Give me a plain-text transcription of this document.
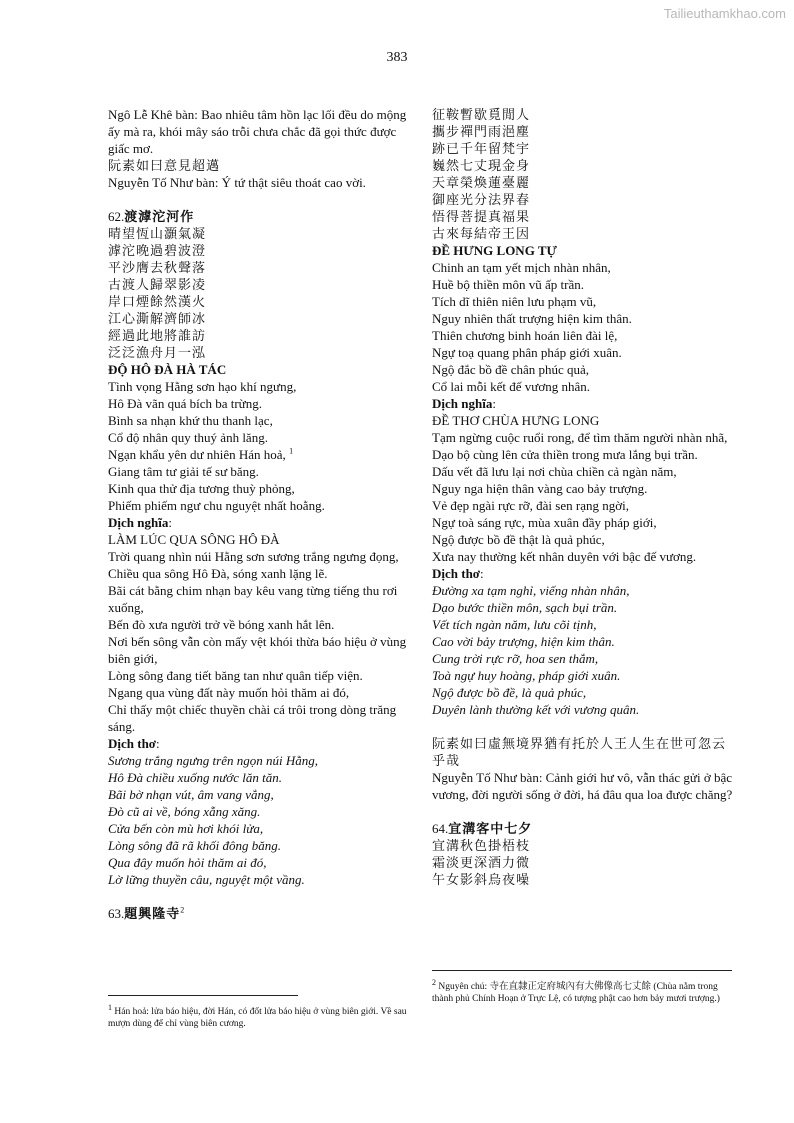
Tailieuthamkhao.com
383

Ngô Lễ Khê bàn: Bao nhiêu tâm hồn lạc lối đều do mộng ấy mà ra, khói mây sáo trỗi chưa chắc đã gọi thức được giấc mơ.

阮素如曰意見超邁

Nguyễn Tố Như bàn: Ý tứ thật siêu thoát cao vời.

62.渡滹沱河作

晴望恆山灝氣凝

滹沱晚過碧波澄

平沙膺去秋聲落

古渡人歸翠影凌

岸口煙餘然漢火

江心澌解濟師冰

經過此地將誰訪

泛泛漁舟月一泓

ĐỘ HÔ ĐÀ HÀ TÁC

Tình vọng Hằng sơn hạo khí ngưng,

Hô Đà vãn quá bích ba trừng.

Bình sa nhạn khứ thu thanh lạc,

Cổ độ nhân quy thuý ảnh lăng.

Ngạn khẩu yên dư nhiên Hán hoả, $^1$

Giang tâm tư giải tế sư băng.

Kinh qua thử địa tương thuỳ phỏng,

Phiếm phiếm ngư chu nguyệt nhất hoằng.

Dịch nghĩa:

LÀM LÚC QUA SÔNG HÔ ĐÀ

Trời quang nhìn núi Hằng sơn sương trắng ngưng đọng,

Chiều qua sông Hô Đà, sóng xanh lặng lẽ.

Bãi cát bằng chim nhạn bay kêu vang từng tiếng thu rơi xuống,

Bến đò xưa người trở về bóng xanh hắt lên.

Nơi bến sông vẫn còn mấy vệt khói thừa báo hiệu ở vùng biên giới,

Lòng sông đang tiết băng tan như quân tiếp viện.

Ngang qua vùng đất này muốn hỏi thăm ai đó,

Chỉ thấy một chiếc thuyền chài cá trôi trong dòng trăng sáng.

Dịch thơ:

Sương trắng ngưng trên ngọn núi Hằng,

Hô Đà chiều xuống nước lăn tăn.

Bãi bờ nhạn vút, âm vang vẳng,

Đò cũ ai về, bóng xẵng xăng.

Cửa bến còn mù hơi khói lửa,

Lòng sông đã rã khối đông băng.

Qua đây muốn hỏi thăm ai đó,

Lờ lững thuyền câu, nguyệt một vầng.

63.題興隆寺$^2$

征鞍暫歇覓閒人

攜步禪門雨浥塵

跡已千年留梵宇

巍然七丈現金身

天章榮煥蓮臺麗

御座光分法界春

悟得菩提真福果

古來每結帝王因

ĐỀ HƯNG LONG TỰ

Chinh an tạm yết mịch nhàn nhân,

Huề bộ thiền môn vũ ấp trần.

Tích dĩ thiên niên lưu phạm vũ,

Nguy nhiên thất trượng hiện kim thân.

Thiên chương binh hoán liên đài lệ,

Ngự toạ quang phân pháp giới xuân.

Ngộ đắc bồ đề chân phúc quả,

Cổ lai mỗi kết đế vương nhân.

Dịch nghĩa:

ĐỀ THƠ CHÙA HƯNG LONG

Tạm ngừng cuộc ruổi rong, để tìm thăm người nhàn nhã,

Dạo bộ cùng lên cửa thiền trong mưa lắng bụi trần.

Dấu vết đã lưu lại nơi chùa chiền cả ngàn năm,

Nguy nga hiện thân vàng cao bảy trượng.

Vẻ đẹp ngài rực rỡ, đài sen rạng ngời,

Ngự toà sáng rực, mùa xuân đầy pháp giới,

Ngộ được bồ đề thật là quả phúc,

Xưa nay thường kết nhân duyên với bậc đế vương.

Dịch thơ:

Đường xa tạm nghỉ, viếng nhàn nhân,

Dạo bước thiền môn, sạch bụi trần.

Vết tích ngàn năm, lưu cõi tịnh,

Cao vời bảy trượng, hiện kim thân.

Cung trời rực rỡ, hoa sen thắm,

Toà ngự huy hoàng, pháp giới xuân.

Ngộ được bồ đề, là quả phúc,

Duyên lành thường kết với vương quân.

阮素如曰虛無境界猶有托於人王人生在世可忽云乎哉

Nguyễn Tố Như bàn: Cảnh giới hư vô, vẫn thác gửi ở bậc vương, đời người sống ở đời, há đâu qua loa được chăng?

64.宜溝客中七夕

宜溝秋色掛梧枝

霜淡更深酒力微

午女影斜烏夜噪

$^1$ Hán hoả: lửa báo hiệu, đời Hán, có đốt lửa báo hiệu ở vùng biên giới. Về sau mượn dùng để chỉ vùng biên cương.

$^2$ Nguyên chú: 寺在直隸正定府城內有大佛像高七丈餘 (Chùa nằm trong thành phủ Chính Hoạn ở Trực Lệ, có tượng phật cao hơn bảy mươi trượng.)
